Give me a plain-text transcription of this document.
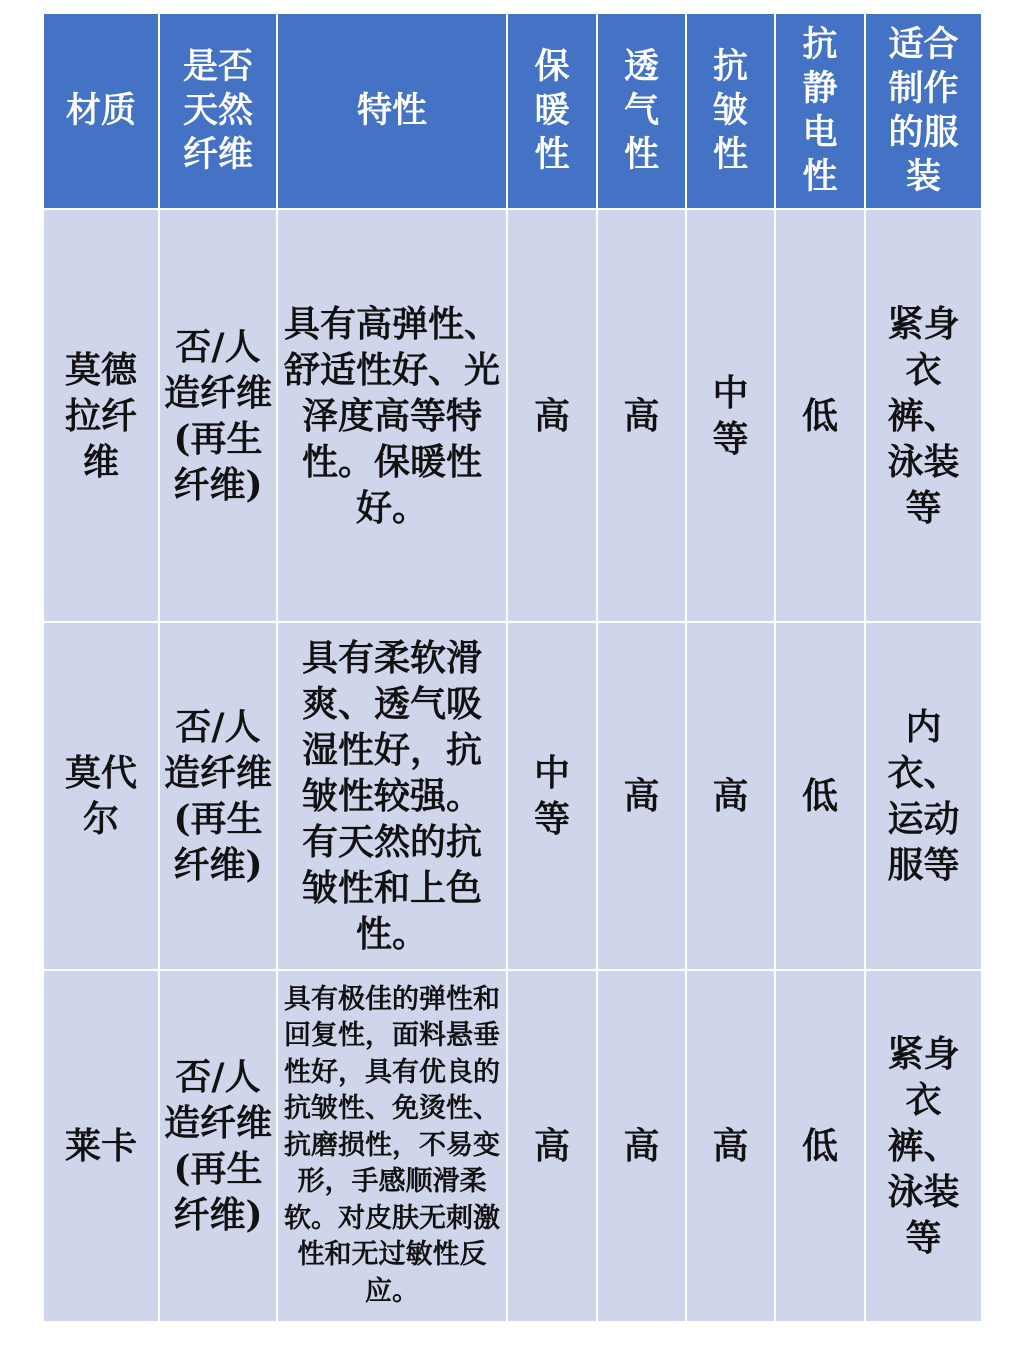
材质	是否天然纤维	特性	保暖性	透气性	抗皱性	抗静电性	适合制作的服装

莫德拉纤维	否/人造纤维(再生纤维)	具有高弹性、舒适性好、光泽度高等特性。保暖性好。	高	高	中等	低	紧身衣裤、泳装等

莫代尔	否/人造纤维(再生纤维)	具有柔软滑爽、透气吸湿性好，抗皱性较强。有天然的抗皱性和上色性。	中等	高	高	低	内衣、运动服等

莱卡	否/人造纤维(再生纤维)	具有极佳的弹性和回复性，面料悬垂性好，具有优良的抗皱性、免烫性、抗磨损性，不易变形，手感顺滑柔软。对皮肤无刺激性和无过敏性反应。	高	高	高	低	紧身衣裤、泳装等
